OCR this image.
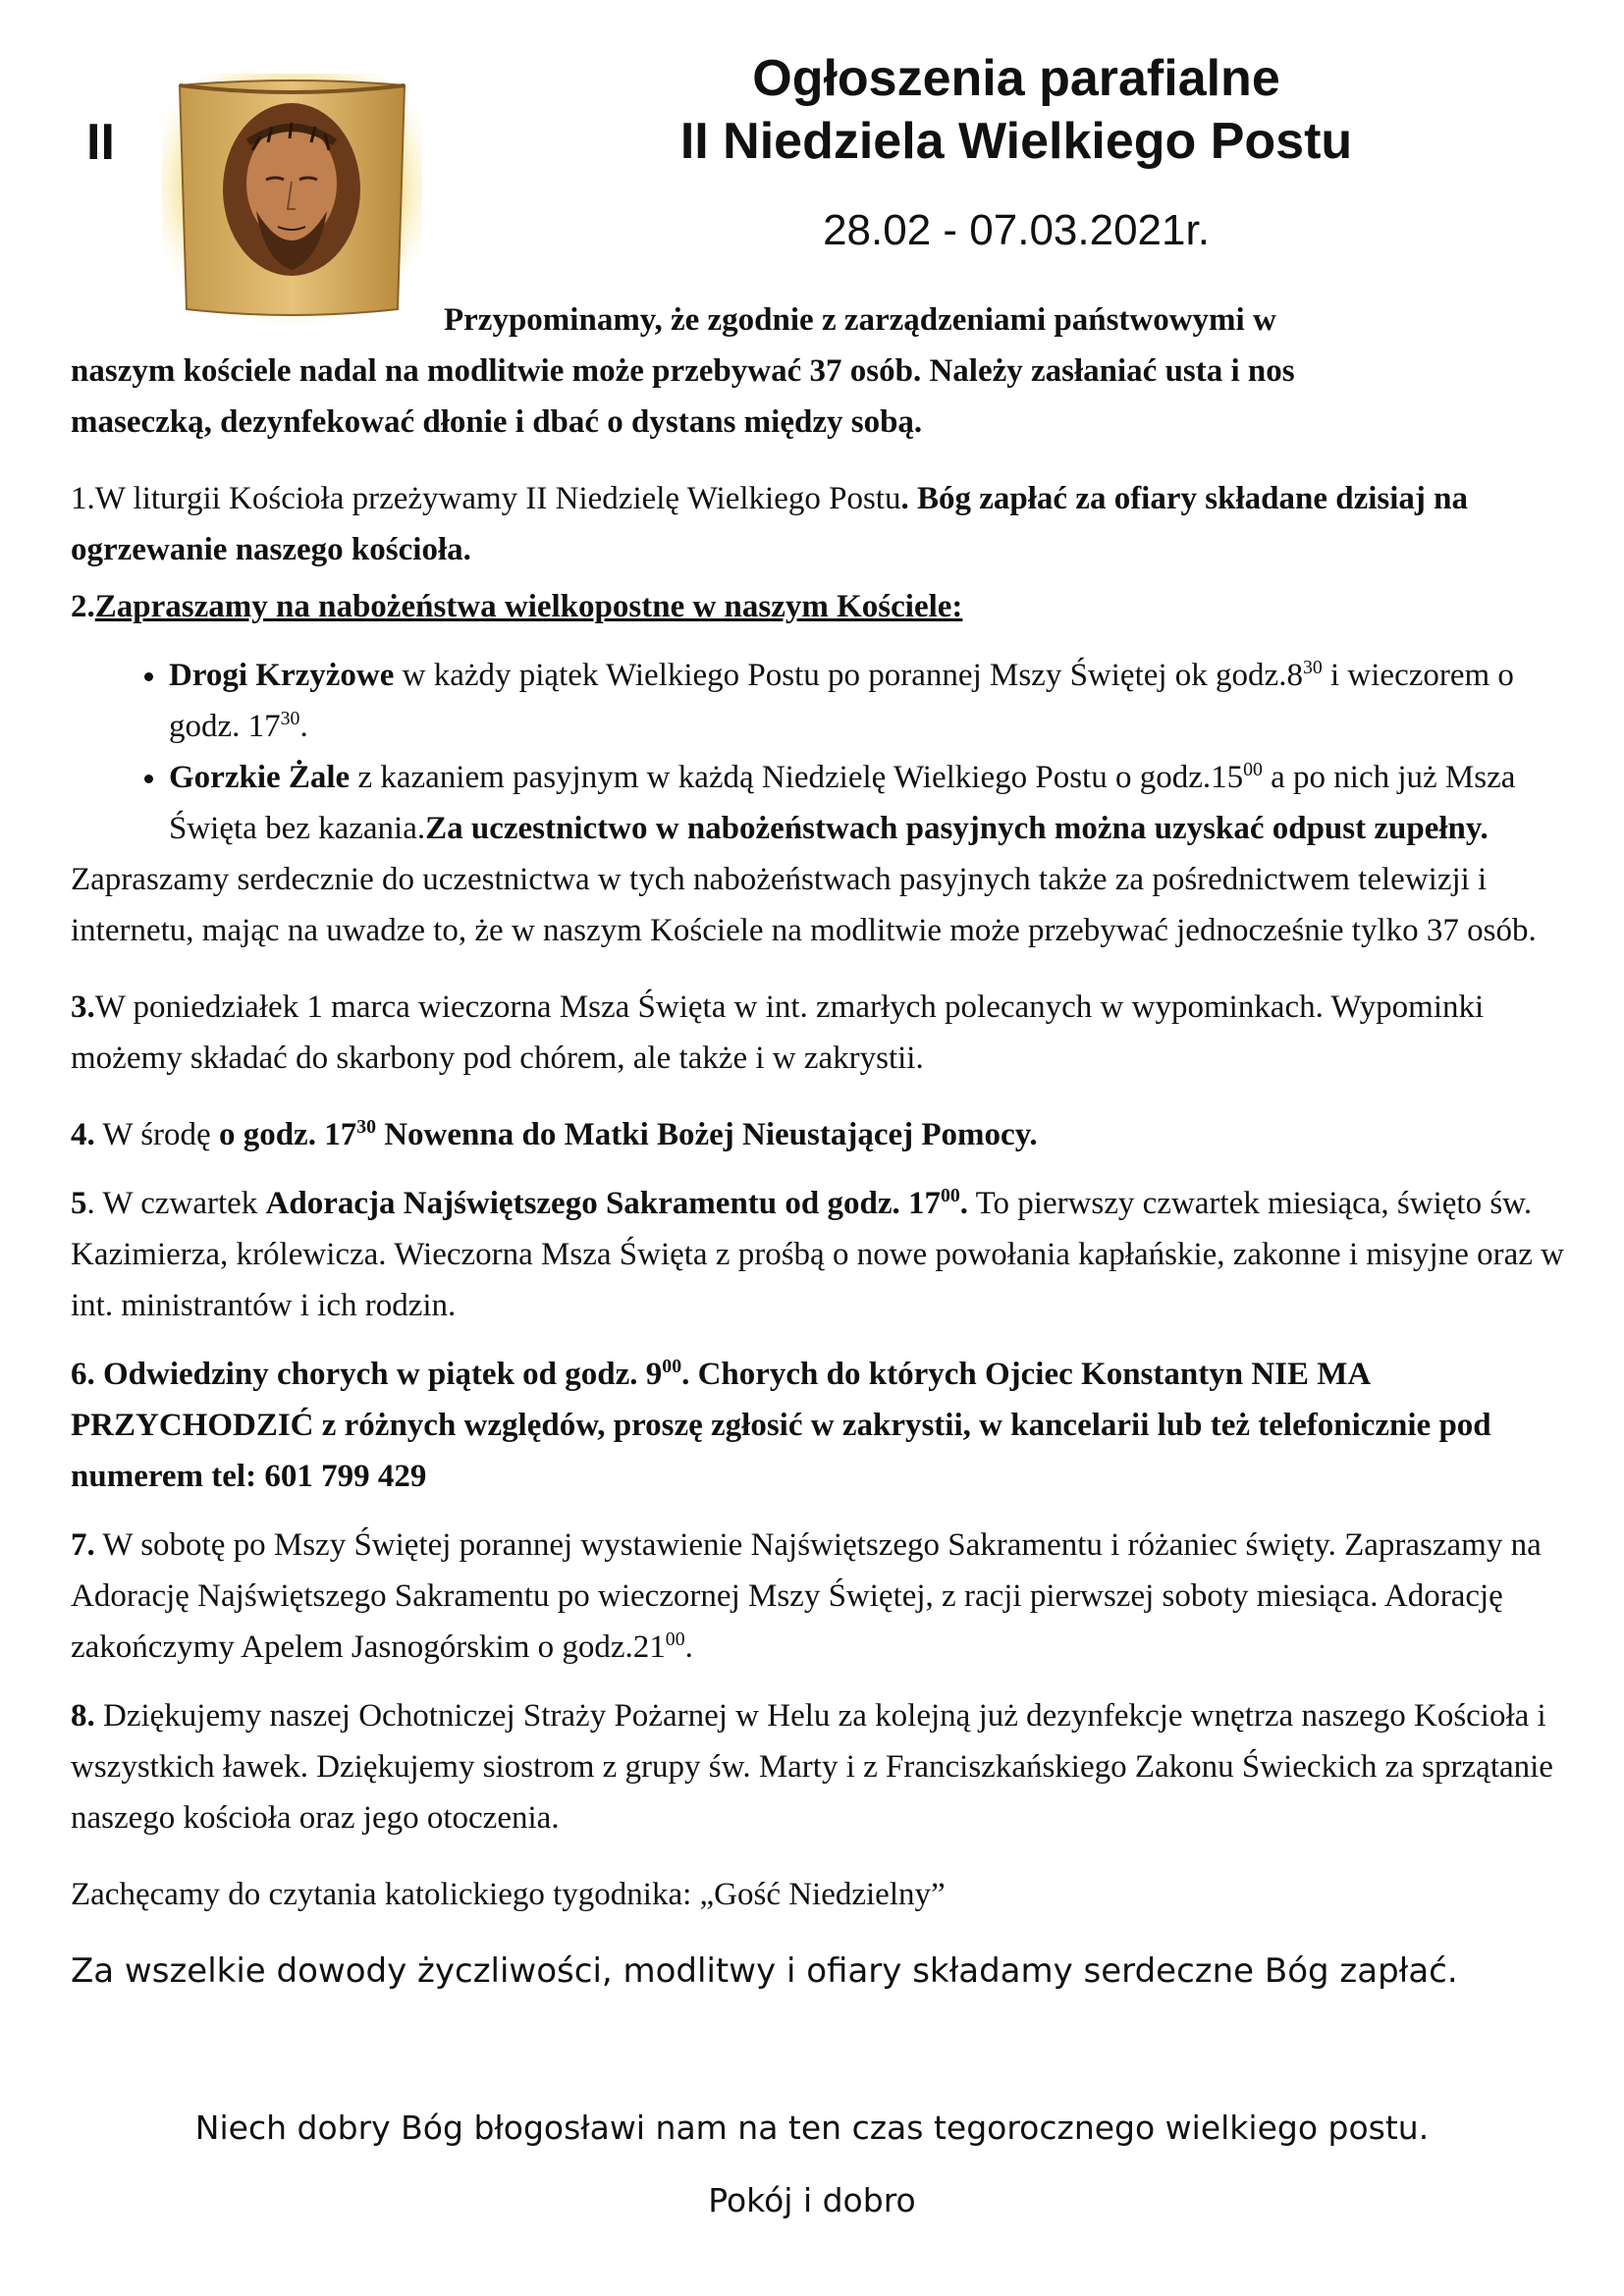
II
Ogłoszenia parafialne
II Niedziela Wielkiego Postu
28.02 - 07.03.2021r.

Przypominamy, że zgodnie z zarządzeniami państwowymi w
naszym kościele nadal na modlitwie może przebywać 37 osób. Należy zasłaniać usta i nos
maseczką, dezynfekować dłonie i dbać o dystans między sobą.

1.W liturgii Kościoła przeżywamy II Niedzielę Wielkiego Postu. Bóg zapłać za ofiary składane dzisiaj na ogrzewanie naszego kościoła.

2.Zapraszamy na nabożeństwa wielkopostne w naszym Kościele:

• Drogi Krzyżowe w każdy piątek Wielkiego Postu po porannej Mszy Świętej ok $godz.8^{30}$ i wieczorem o godz. $17^{30}$.
• Gorzkie Żale z kazaniem pasyjnym w każdą Niedzielę Wielkiego Postu o $godz.15^{00}$ a po nich już Msza Święta bez kazania.Za uczestnictwo w nabożeństwach pasyjnych można uzyskać odpust zupełny.

Zapraszamy serdecznie do uczestnictwa w tych nabożeństwach pasyjnych także za pośrednictwem telewizji i internetu, mając na uwadze to, że w naszym Kościele na modlitwie może przebywać jednocześnie tylko 37 osób.

3.W poniedziałek 1 marca wieczorna Msza Święta w int. zmarłych polecanych w wypominkach. Wypominki możemy składać do skarbony pod chórem, ale także i w zakrystii.

4. W środę o godz. $17^{30}$ Nowenna do Matki Bożej Nieustającej Pomocy.

5. W czwartek Adoracja Najświętszego Sakramentu od godz. $17^{00}$. To pierwszy czwartek miesiąca, święto św. Kazimierza, królewicza. Wieczorna Msza Święta z prośbą o nowe powołania kapłańskie, zakonne i misyjne oraz w int. ministrantów i ich rodzin.

6. Odwiedziny chorych w piątek od godz. $9^{00}$. Chorych do których Ojciec Konstantyn NIE MA PRZYCHODZIĆ z różnych względów, proszę zgłosić w zakrystii, w kancelarii lub też telefonicznie pod numerem tel: 601 799 429

7. W sobotę po Mszy Świętej porannej wystawienie Najświętszego Sakramentu i różaniec święty. Zapraszamy na Adorację Najświętszego Sakramentu po wieczornej Mszy Świętej, z racji pierwszej soboty miesiąca. Adorację zakończymy Apelem Jasnogórskim o $godz.21^{00}$.

8. Dziękujemy naszej Ochotniczej Straży Pożarnej w Helu za kolejną już dezynfekcje wnętrza naszego Kościoła i wszystkich ławek. Dziękujemy siostrom z grupy św. Marty i z Franciszkańskiego Zakonu Świeckich za sprzątanie naszego kościoła oraz jego otoczenia.

Zachęcamy do czytania katolickiego tygodnika: „Gość Niedzielny”

Za wszelkie dowody życzliwości, modlitwy i ofiary składamy serdeczne Bóg zapłać.
Niech dobry Bóg błogosławi nam na ten czas tegorocznego wielkiego postu.
Pokój i dobro
